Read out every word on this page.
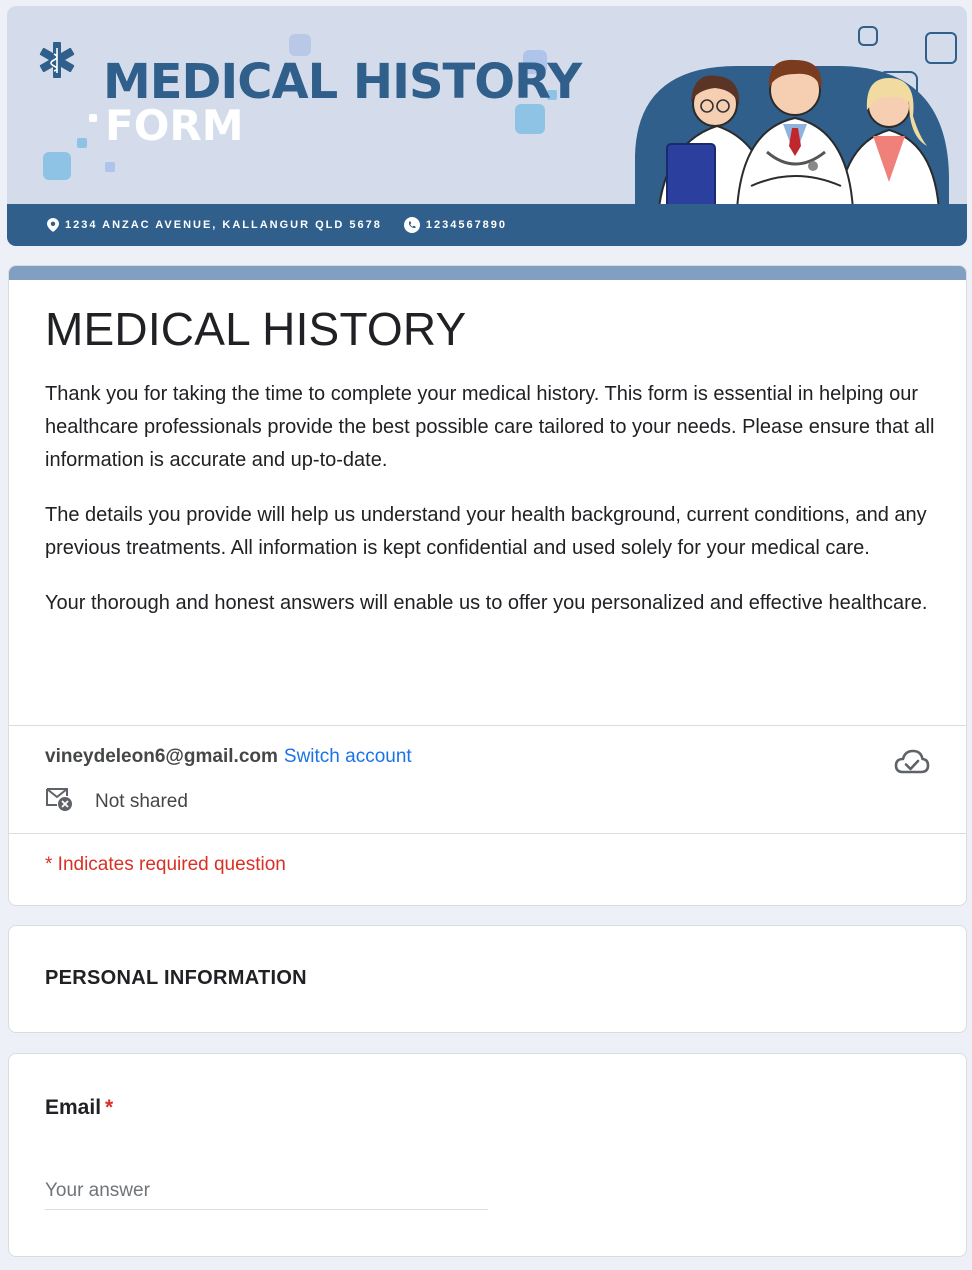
MEDICAL HISTORY
FORM
1234 ANZAC AVENUE, KALLANGUR QLD 5678	1234567890
MEDICAL HISTORY

Thank you for taking the time to complete your medical history. This form is essential in helping our healthcare professionals provide the best possible care tailored to your needs. Please ensure that all information is accurate and up-to-date.

The details you provide will help us understand your health background, current conditions, and any previous treatments. All information is kept confidential and used solely for your medical care.

Your thorough and honest answers will enable us to offer you personalized and effective healthcare.

vineydeleon6@gmail.com Switch account
Not shared
* Indicates required question
PERSONAL INFORMATION
Email *
Your answer
